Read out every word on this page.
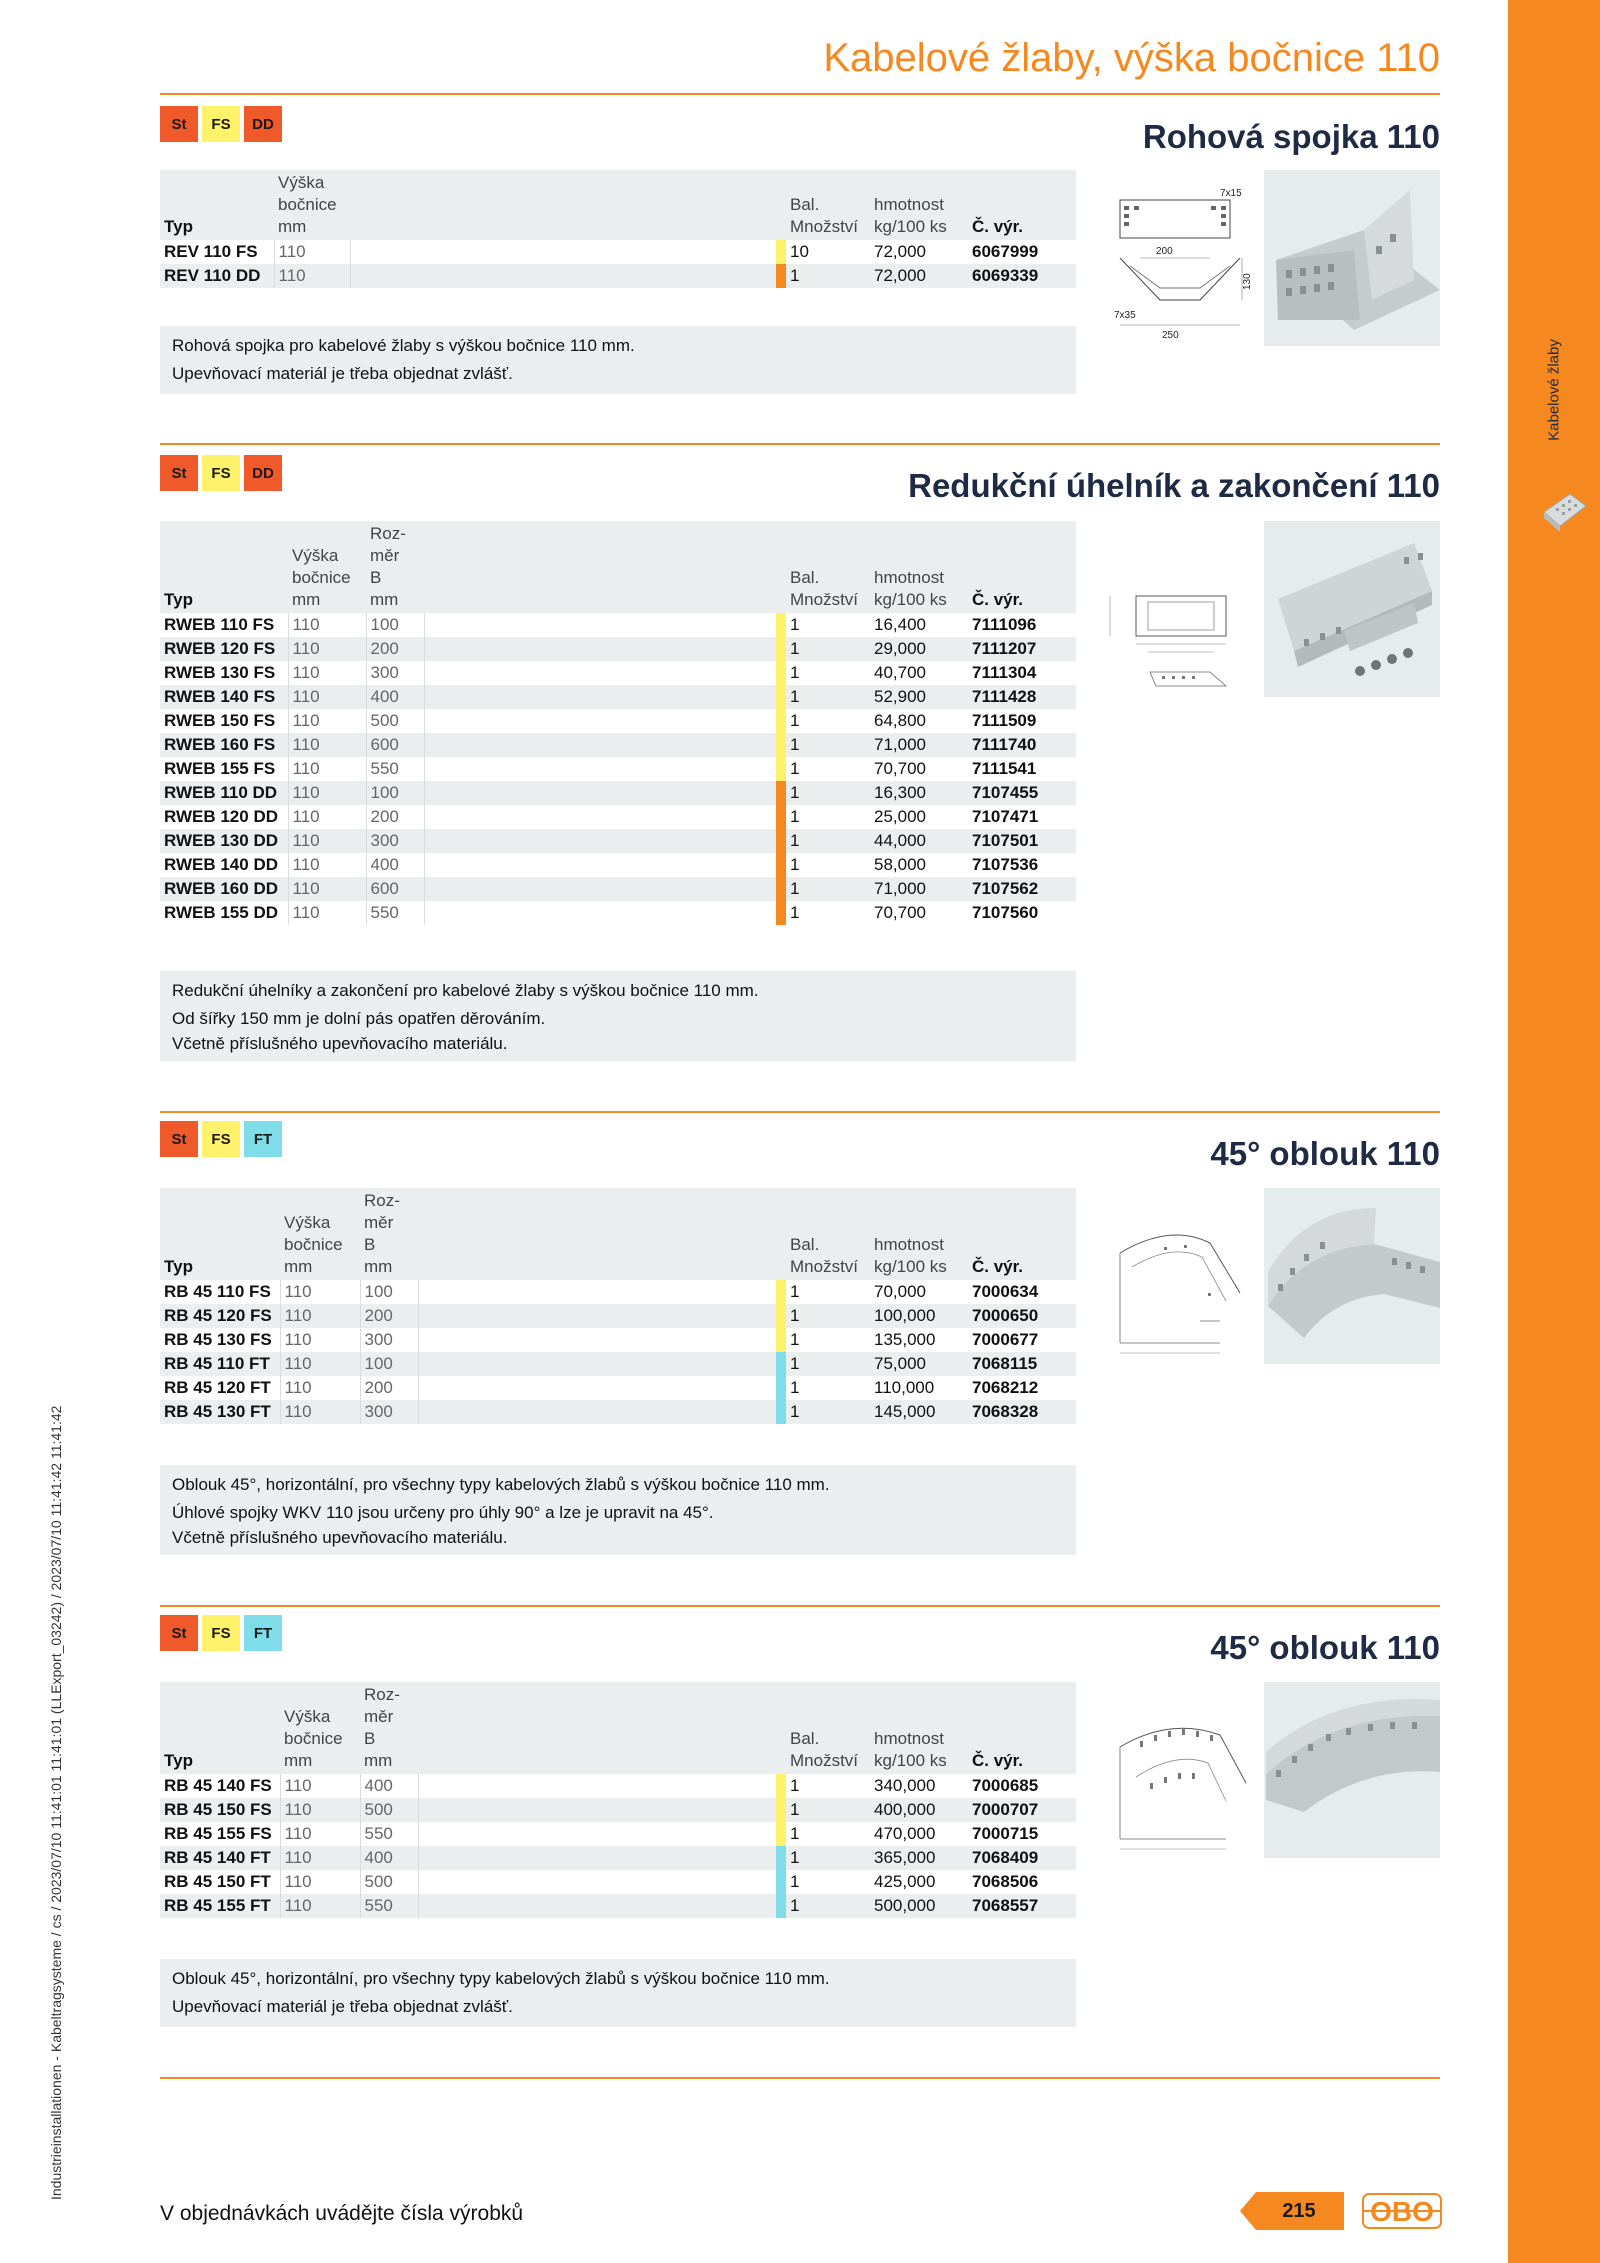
Kabelové žlaby
Industrieinstallationen - Kabeltragsysteme / cs / 2023/07/10 11:41:01 11:41:01 (LLExport_03242) / 2023/07/10 11:41:42 11:41:42
Kabelové žlaby, výška bočnice 110
St	FS	DD	Rohová spojka 110
Typ	Výška
bočnice
mm			Bal.
Množství	hmotnost
kg/100 ks	Č. výr.
REV 110 FS	110			10	72,000	6067999
REV 110 DD	110			1	72,000	6069339

Rohová spojka pro kabelové žlaby s výškou bočnice 110 mm.

Upevňovací materiál je třeba objednat zvlášť.

7x15
200
130
7x35
250
St	FS	DD	Redukční úhelník a zakončení 110
Typ	Výška
bočnice
mm	Roz-
měr
B
mm			Bal.
Množství	hmotnost
kg/100 ks	Č. výr.
RWEB 110 FS	110	100			1	16,400	7111096
RWEB 120 FS	110	200			1	29,000	7111207
RWEB 130 FS	110	300			1	40,700	7111304
RWEB 140 FS	110	400			1	52,900	7111428
RWEB 150 FS	110	500			1	64,800	7111509
RWEB 160 FS	110	600			1	71,000	7111740
RWEB 155 FS	110	550			1	70,700	7111541
RWEB 110 DD	110	100			1	16,300	7107455
RWEB 120 DD	110	200			1	25,000	7107471
RWEB 130 DD	110	300			1	44,000	7107501
RWEB 140 DD	110	400			1	58,000	7107536
RWEB 160 DD	110	600			1	71,000	7107562
RWEB 155 DD	110	550			1	70,700	7107560

Redukční úhelníky a zakončení pro kabelové žlaby s výškou bočnice 110 mm.

Od šířky 150 mm je dolní pás opatřen děrováním.

Včetně příslušného upevňovacího materiálu.

St	FS	FT	45° oblouk 110
Typ	Výška
bočnice
mm	Roz-
měr
B
mm			Bal.
Množství	hmotnost
kg/100 ks	Č. výr.
RB 45 110 FS	110	100			1	70,000	7000634
RB 45 120 FS	110	200			1	100,000	7000650
RB 45 130 FS	110	300			1	135,000	7000677
RB 45 110 FT	110	100			1	75,000	7068115
RB 45 120 FT	110	200			1	110,000	7068212
RB 45 130 FT	110	300			1	145,000	7068328

Oblouk 45°, horizontální, pro všechny typy kabelových žlabů s výškou bočnice 110 mm.

Úhlové spojky WKV 110 jsou určeny pro úhly 90° a lze je upravit na 45°.

Včetně příslušného upevňovacího materiálu.

St	FS	FT	45° oblouk 110
Typ	Výška
bočnice
mm	Roz-
měr
B
mm			Bal.
Množství	hmotnost
kg/100 ks	Č. výr.
RB 45 140 FS	110	400			1	340,000	7000685
RB 45 150 FS	110	500			1	400,000	7000707
RB 45 155 FS	110	550			1	470,000	7000715
RB 45 140 FT	110	400			1	365,000	7068409
RB 45 150 FT	110	500			1	425,000	7068506
RB 45 155 FT	110	550			1	500,000	7068557

Oblouk 45°, horizontální, pro všechny typy kabelových žlabů s výškou bočnice 110 mm.

Upevňovací materiál je třeba objednat zvlášť.

V objednávkách uvádějte čísla výrobků	215	OBO
